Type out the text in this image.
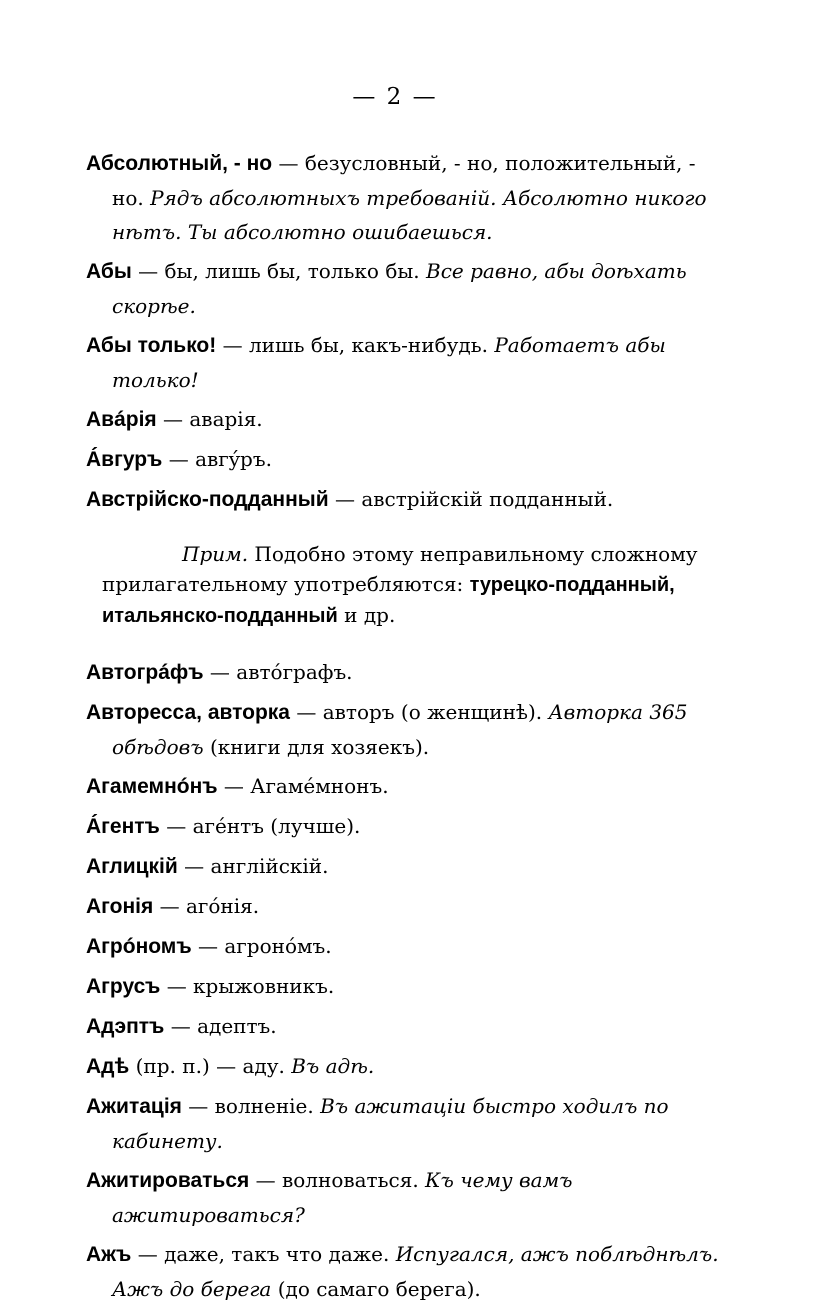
— 2 —
Абсолютный, - но — безусловный, - но, положительный, - но. Рядъ абсолютныхъ требованій. Абсолютно никого нѣтъ. Ты абсолютно ошибаешься.
Абы — бы, лишь бы, только бы. Все равно, абы доѣхать скорѣе.
Абы только! — лишь бы, какъ-нибудь. Работаетъ абы только!
Авáрія — аварія.
Áвгуръ — авгýръ.
Австрійско-подданный — австрійскій подданный.
Прим. Подобно этому неправильному сложному прилагательному употребляются: турецко-подданный, итальянско-подданный и др.
Автогрáфъ — автóграфъ.
Авторесса, авторка — авторъ (о женщинѣ). Авторка 365 обѣдовъ (книги для хозяекъ).
Агамемнóнъ — Агамéмнонъ.
Áгентъ — агéнтъ (лучше).
Аглицкій — англійскій.
Агонія — агóнія.
Агрóномъ — агронóмъ.
Агрусъ — крыжовникъ.
Адэптъ — адептъ.
Адѣ (пр. п.) — аду. Въ адѣ.
Ажитація — волненіе. Въ ажитаціи быстро ходилъ по кабинету.
Ажитироваться — волноваться. Къ чему вамъ ажитироваться?
Ажъ — даже, такъ что даже. Испугался, ажъ поблѣднѣлъ. Ажъ до берега (до самаго берега).
